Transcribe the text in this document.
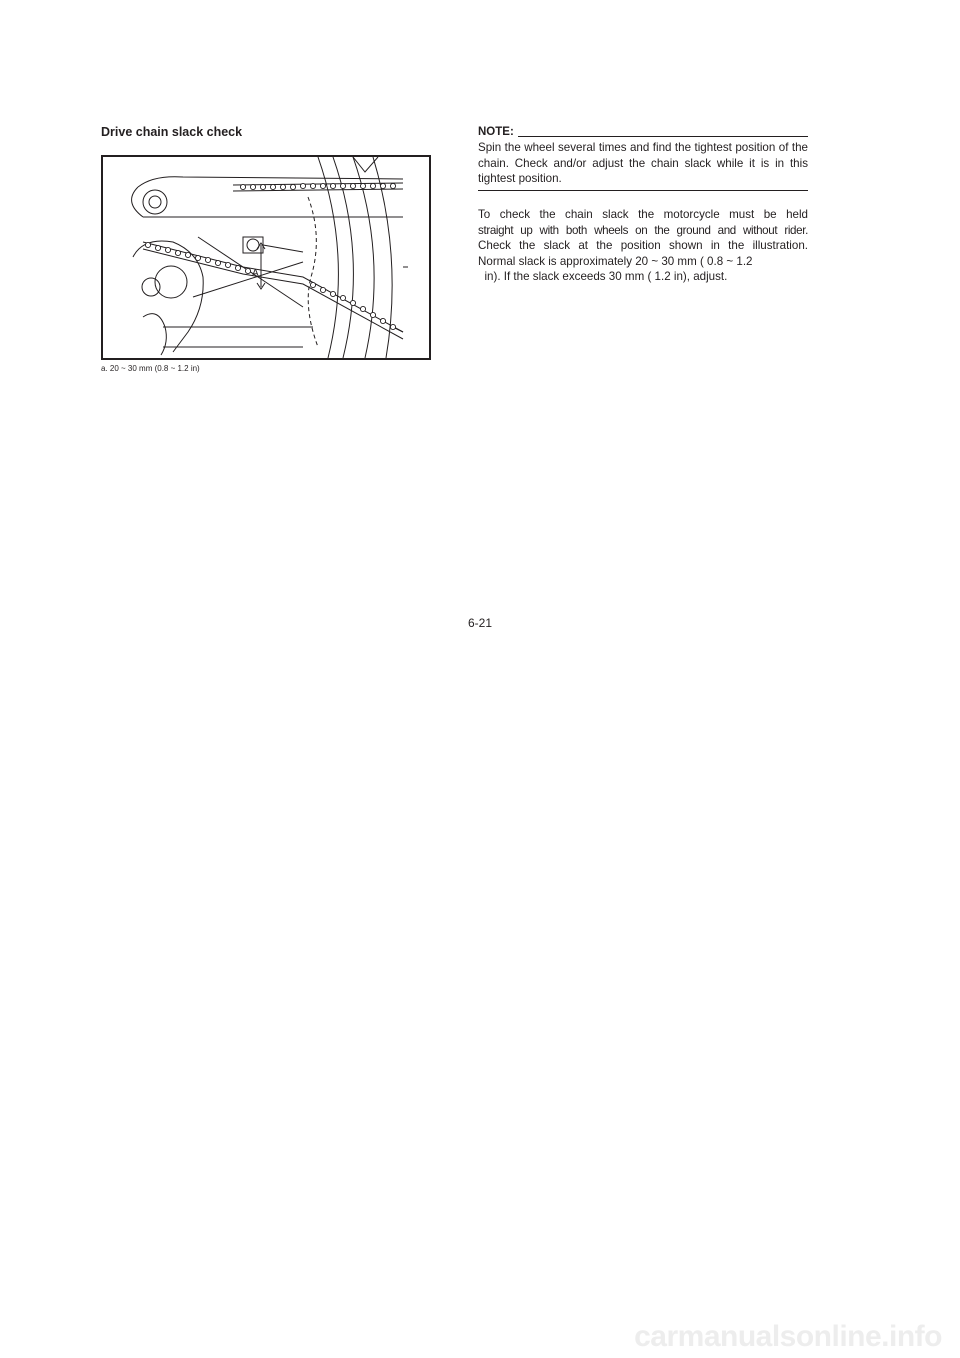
Drive chain slack check
A

a. 20 ~ 30 mm (0.8 ~ 1.2 in)

NOTE:

Spin the wheel several times and find the tightest position of the chain. Check and/or adjust the chain slack while it is in this tightest position.

To check the chain slack the motorcycle must be held
straight up with both wheels on the ground and without rider.
Check the slack at the position shown in the illustration.
Normal slack is approximately 20 ~ 30 mm ( 0.8 ~ 1.2
in). If the slack exceeds 30 mm ( 1.2 in), adjust.

6-21

carmanualsonline.info
